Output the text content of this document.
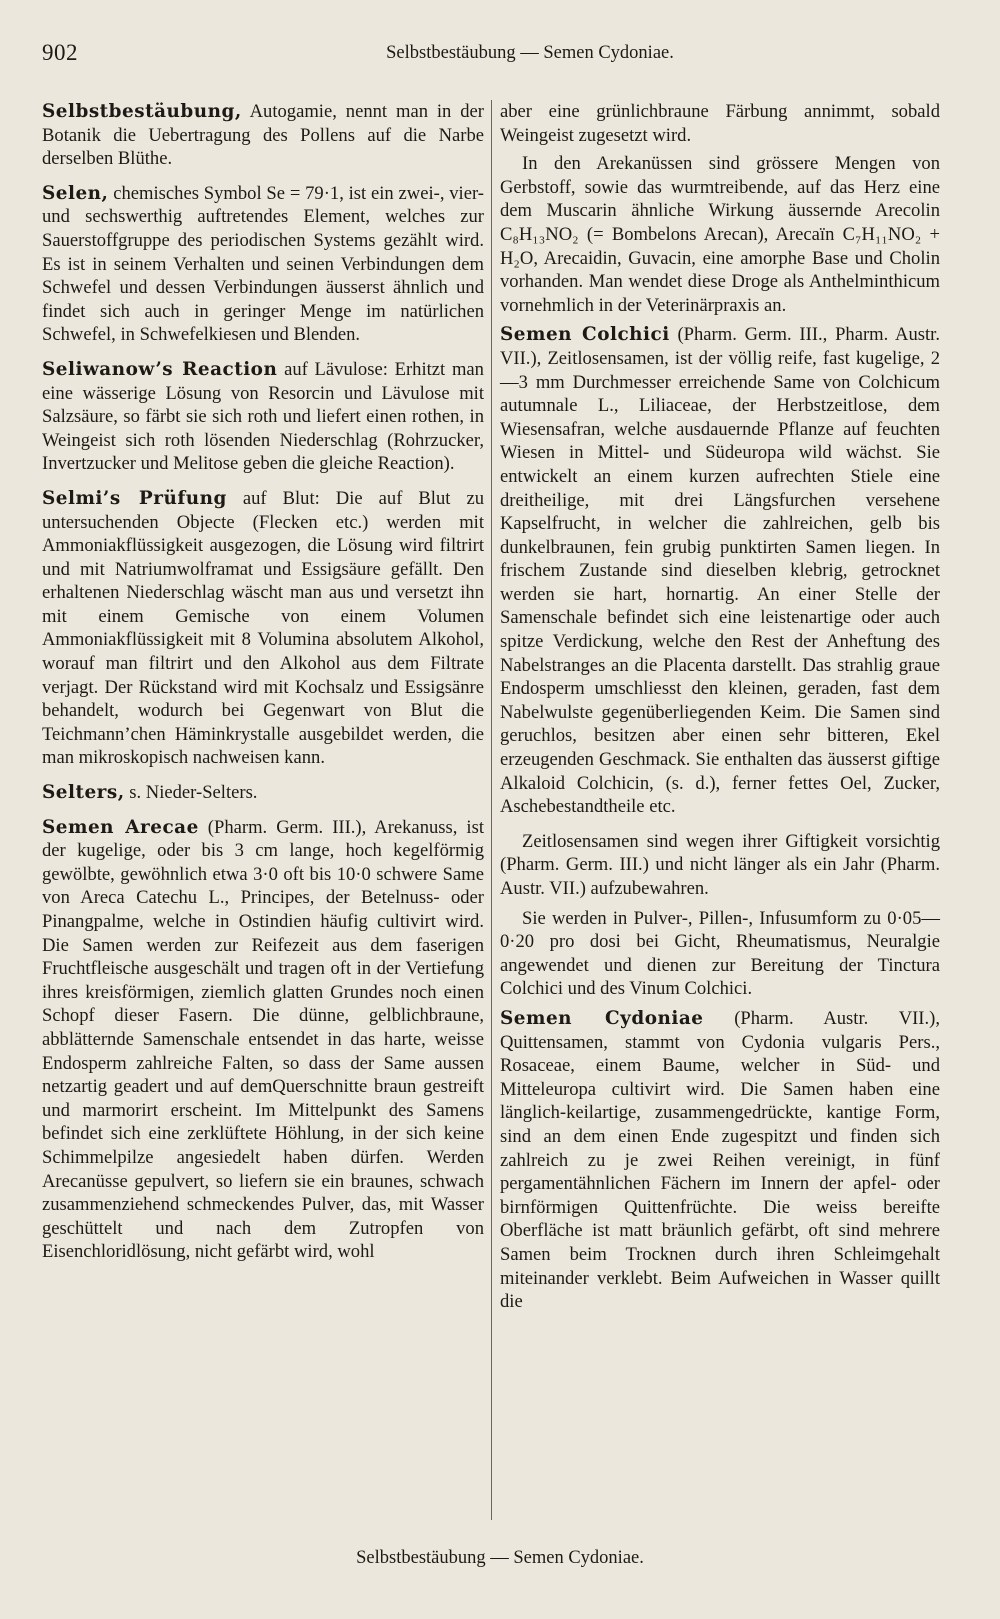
902	Selbstbestäubung — Semen Cydoniae.

Selbstbestäubung, Autogamie, nennt man in der Botanik die Uebertragung des Pollens auf die Narbe derselben Blüthe.

Selen, chemisches Symbol Se = 79·1, ist ein zwei-, vier- und sechswerthig auftretendes Element, welches zur Sauerstoffgruppe des periodischen Systems gezählt wird. Es ist in seinem Verhalten und seinen Verbindungen dem Schwefel und dessen Verbindungen äusserst ähnlich und findet sich auch in geringer Menge im natürlichen Schwefel, in Schwefelkiesen und Blenden.

Seliwanow’s Reaction auf Lävulose: Erhitzt man eine wässerige Lösung von Resorcin und Lävulose mit Salzsäure, so färbt sie sich roth und liefert einen rothen, in Weingeist sich roth lösenden Niederschlag (Rohrzucker, Invertzucker und Melitose geben die gleiche Reaction).

Selmi’s Prüfung auf Blut: Die auf Blut zu untersuchenden Objecte (Flecken etc.) werden mit Ammoniakflüssigkeit ausgezogen, die Lösung wird filtrirt und mit Natriumwolframat und Essigsäure gefällt. Den erhaltenen Niederschlag wäscht man aus und versetzt ihn mit einem Gemische von einem Volumen Ammoniakflüssigkeit mit 8 Volumina absolutem Alkohol, worauf man filtrirt und den Alkohol aus dem Filtrate verjagt. Der Rückstand wird mit Kochsalz und Essigsänre behandelt, wodurch bei Gegenwart von Blut die Teichmann’chen Häminkrystalle ausgebildet werden, die man mikroskopisch nachweisen kann.

Selters, s. Nieder-Selters.

Semen Arecae (Pharm. Germ. III.), Arekanuss, ist der kugelige, oder bis 3 cm lange, hoch kegelförmig gewölbte, gewöhnlich etwa 3·0 oft bis 10·0 schwere Same von Areca Catechu L., Principes, der Betelnuss- oder Pinangpalme, welche in Ostindien häufig cultivirt wird. Die Samen werden zur Reifezeit aus dem faserigen Fruchtfleische ausgeschält und tragen oft in der Vertiefung ihres kreisförmigen, ziemlich glatten Grundes noch einen Schopf dieser Fasern. Die dünne, gelblichbraune, abblätternde Samenschale entsendet in das harte, weisse Endosperm zahlreiche Falten, so dass der Same aussen netzartig geadert und auf demQuerschnitte braun gestreift und marmorirt erscheint. Im Mittelpunkt des Samens befindet sich eine zerklüftete Höhlung, in der sich keine Schimmelpilze angesiedelt haben dürfen. Werden Arecanüsse gepulvert, so liefern sie ein braunes, schwach zusammenziehend schmeckendes Pulver, das, mit Wasser geschüttelt und nach dem Zutropfen von Eisenchloridlösung, nicht gefärbt wird, wohl

aber eine grünlichbraune Färbung annimmt, sobald Weingeist zugesetzt wird.

In den Arekanüssen sind grössere Mengen von Gerbstoff, sowie das wurmtreibende, auf das Herz eine dem Muscarin ähnliche Wirkung äussernde Arecolin C₈H₁₃NO₂ (= Bombelons Arecan), Arecaïn C₇H₁₁NO₂ + H₂O, Arecaidin, Guvacin, eine amorphe Base und Cholin vorhanden. Man wendet diese Droge als Anthelminthicum vornehmlich in der Veterinärpraxis an.

Semen Colchici (Pharm. Germ. III., Pharm. Austr. VII.), Zeitlosensamen, ist der völlig reife, fast kugelige, 2—3 mm Durchmesser erreichende Same von Colchicum autumnale L., Liliaceae, der Herbstzeitlose, dem Wiesensafran, welche ausdauernde Pflanze auf feuchten Wiesen in Mittel- und Südeuropa wild wächst. Sie entwickelt an einem kurzen aufrechten Stiele eine dreitheilige, mit drei Längsfurchen versehene Kapselfrucht, in welcher die zahlreichen, gelb bis dunkelbraunen, fein grubig punktirten Samen liegen. In frischem Zustande sind dieselben klebrig, getrocknet werden sie hart, hornartig. An einer Stelle der Samenschale befindet sich eine leistenartige oder auch spitze Verdickung, welche den Rest der Anheftung des Nabelstranges an die Placenta darstellt. Das strahlig graue Endosperm umschliesst den kleinen, geraden, fast dem Nabelwulste gegenüberliegenden Keim. Die Samen sind geruchlos, besitzen aber einen sehr bitteren, Ekel erzeugenden Geschmack. Sie enthalten das äusserst giftige Alkaloid Colchicin, (s. d.), ferner fettes Oel, Zucker, Aschebestandtheile etc.

Zeitlosensamen sind wegen ihrer Giftigkeit vorsichtig (Pharm. Germ. III.) und nicht länger als ein Jahr (Pharm. Austr. VII.) aufzubewahren.

Sie werden in Pulver-, Pillen-, Infusumform zu 0·05—0·20 pro dosi bei Gicht, Rheumatismus, Neuralgie angewendet und dienen zur Bereitung der Tinctura Colchici und des Vinum Colchici.

Semen Cydoniae (Pharm. Austr. VII.), Quittensamen, stammt von Cydonia vulgaris Pers., Rosaceae, einem Baume, welcher in Süd- und Mitteleuropa cultivirt wird. Die Samen haben eine länglich-keilartige, zusammengedrückte, kantige Form, sind an dem einen Ende zugespitzt und finden sich zahlreich zu je zwei Reihen vereinigt, in fünf pergamentähnlichen Fächern im Innern der apfel- oder birnförmigen Quittenfrüchte. Die weiss bereifte Oberfläche ist matt bräunlich gefärbt, oft sind mehrere Samen beim Trocknen durch ihren Schleimgehalt miteinander verklebt. Beim Aufweichen in Wasser quillt die

Selbstbestäubung — Semen Cydoniae.
